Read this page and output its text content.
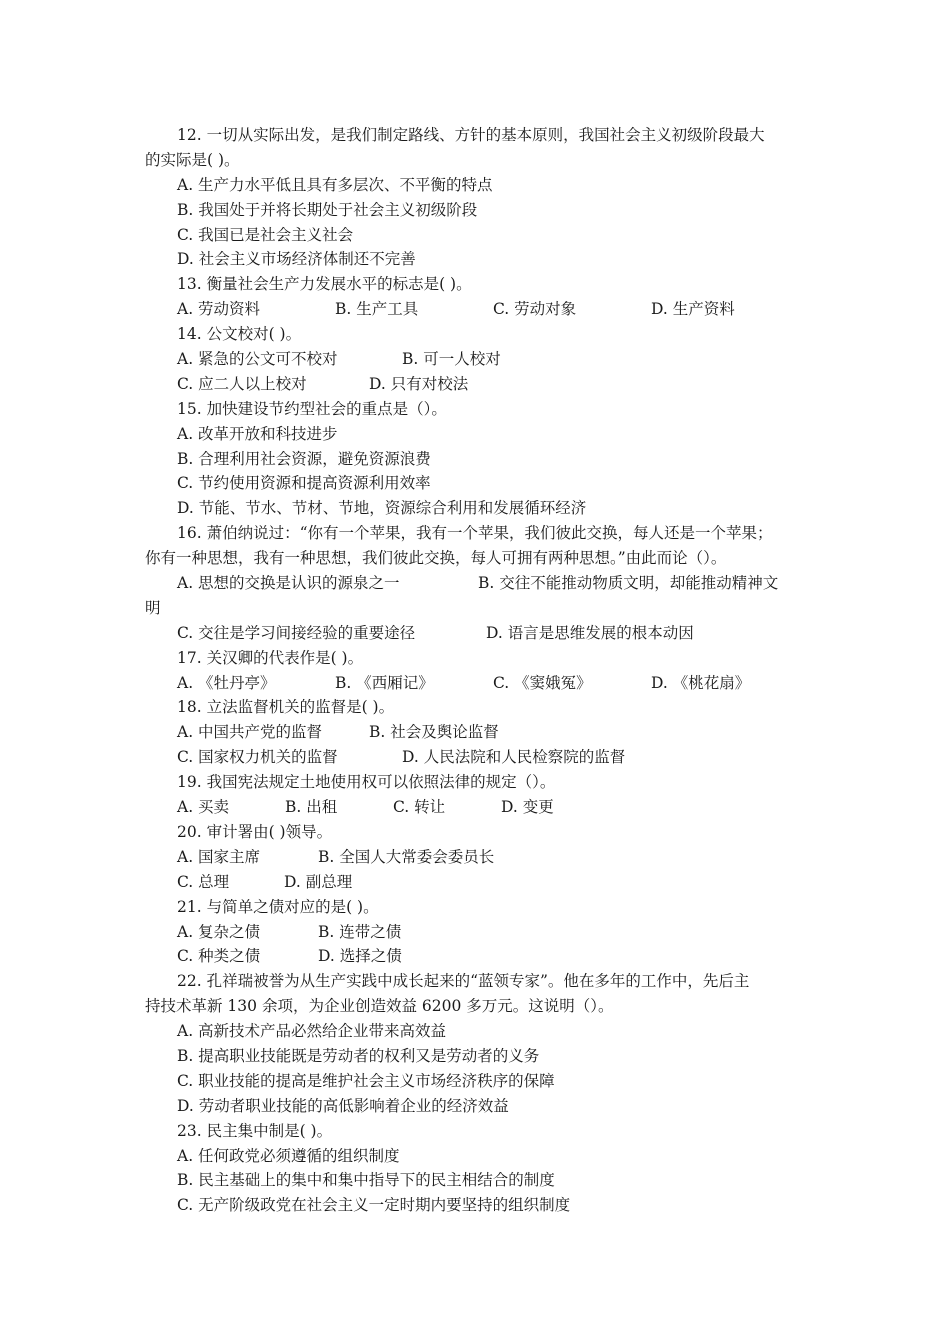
12. 一切从实际出发，是我们制定路线、方针的基本原则，我国社会主义初级阶段最大
的实际是( )。
A. 生产力水平低且具有多层次、不平衡的特点
B. 我国处于并将长期处于社会主义初级阶段
C. 我国已是社会主义社会
D. 社会主义市场经济体制还不完善
13. 衡量社会生产力发展水平的标志是( )。
A. 劳动资料	B. 生产工具	C. 劳动对象	D. 生产资料
14. 公文校对( )。
A. 紧急的公文可不校对	B. 可一人校对
C. 应二人以上校对	D. 只有对校法
15. 加快建设节约型社会的重点是（）。
A. 改革开放和科技进步
B. 合理利用社会资源，避免资源浪费
C. 节约使用资源和提高资源利用效率
D. 节能、节水、节材、节地，资源综合利用和发展循环经济
16. 萧伯纳说过：“你有一个苹果，我有一个苹果，我们彼此交换，每人还是一个苹果；
你有一种思想，我有一种思想，我们彼此交换，每人可拥有两种思想。”由此而论（）。
A. 思想的交换是认识的源泉之一	B. 交往不能推动物质文明，却能推动精神文
明
C. 交往是学习间接经验的重要途径	D. 语言是思维发展的根本动因
17. 关汉卿的代表作是( )。
A. 《牡丹亭》	B. 《西厢记》	C. 《窦娥冤》	D. 《桃花扇》
18. 立法监督机关的监督是( )。
A. 中国共产党的监督	B. 社会及舆论监督
C. 国家权力机关的监督	D. 人民法院和人民检察院的监督
19. 我国宪法规定土地使用权可以依照法律的规定（）。
A. 买卖	B. 出租	C. 转让	D. 变更
20. 审计署由( )领导。
A. 国家主席	B. 全国人大常委会委员长
C. 总理	D. 副总理
21. 与简单之债对应的是( )。
A. 复杂之债	B. 连带之债
C. 种类之债	D. 选择之债
22. 孔祥瑞被誉为从生产实践中成长起来的“蓝领专家”。他在多年的工作中，先后主
持技术革新 130 余项，为企业创造效益 6200 多万元。这说明（）。
A. 高新技术产品必然给企业带来高效益
B. 提高职业技能既是劳动者的权利又是劳动者的义务
C. 职业技能的提高是维护社会主义市场经济秩序的保障
D. 劳动者职业技能的高低影响着企业的经济效益
23. 民主集中制是( )。
A. 任何政党必须遵循的组织制度
B. 民主基础上的集中和集中指导下的民主相结合的制度
C. 无产阶级政党在社会主义一定时期内要坚持的组织制度
